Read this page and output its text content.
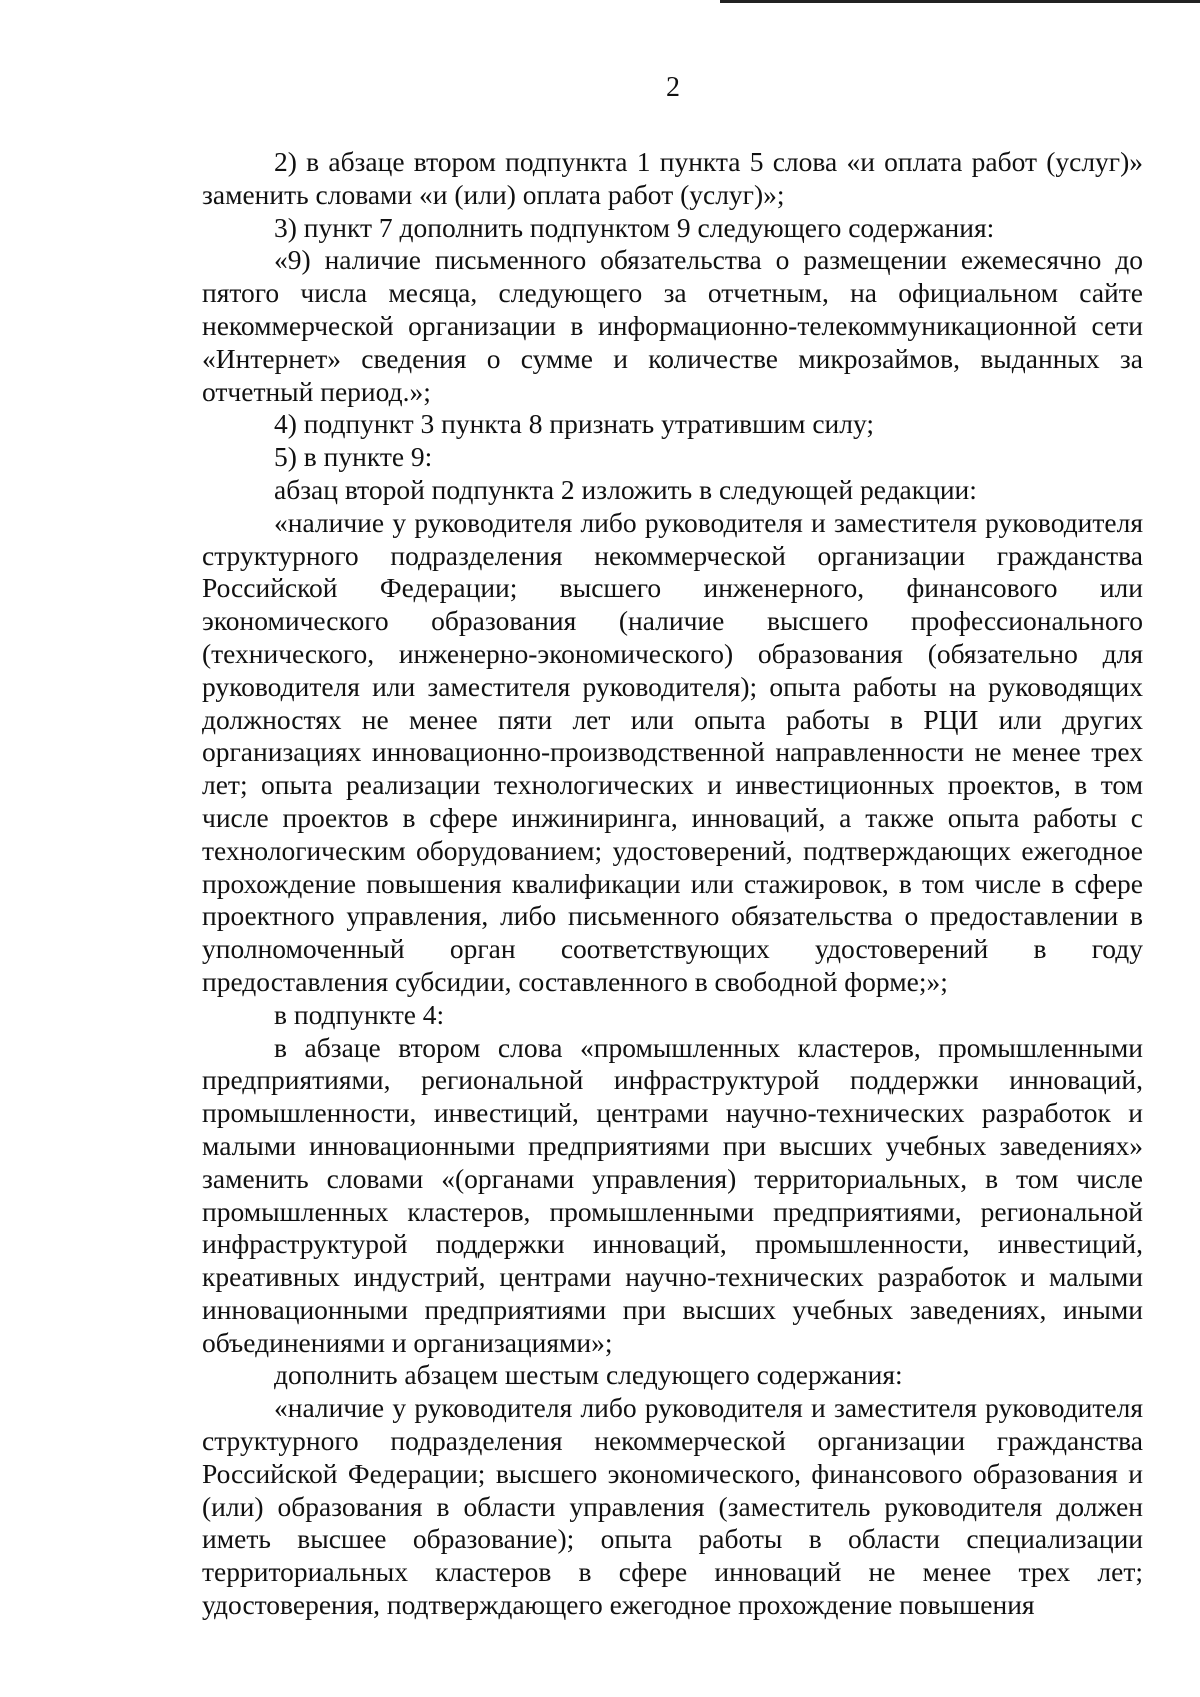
2

2) в абзаце втором подпункта 1 пункта 5 слова «и оплата работ (услуг)» заменить словами «и (или) оплата работ (услуг)»;

3) пункт 7 дополнить подпунктом 9 следующего содержания:

«9) наличие письменного обязательства о размещении ежемесячно до пятого числа месяца, следующего за отчетным, на официальном сайте некоммерческой организации в информационно-телекоммуникационной сети «Интернет» сведения о сумме и количестве микрозаймов, выданных за отчетный период.»;

4) подпункт 3 пункта 8 признать утратившим силу;

5) в пункте 9:

абзац второй подпункта 2 изложить в следующей редакции:

«наличие у руководителя либо руководителя и заместителя руководителя структурного подразделения некоммерческой организации гражданства Российской Федерации; высшего инженерного, финансового или экономического образования (наличие высшего профессионального (технического, инженерно-экономического) образования (обязательно для руководителя или заместителя руководителя); опыта работы на руководящих должностях не менее пяти лет или опыта работы в РЦИ или других организациях инновационно-производственной направленности не менее трех лет; опыта реализации технологических и инвестиционных проектов, в том числе проектов в сфере инжиниринга, инноваций, а также опыта работы с технологическим оборудованием; удостоверений, подтверждающих ежегодное прохождение повышения квалификации или стажировок, в том числе в сфере проектного управления, либо письменного обязательства о предоставлении в уполномоченный орган соответствующих удостоверений в году предоставления субсидии, составленного в свободной форме;»;

в подпункте 4:

в абзаце втором слова «промышленных кластеров, промышленными предприятиями, региональной инфраструктурой поддержки инноваций, промышленности, инвестиций, центрами научно-технических разработок и малыми инновационными предприятиями при высших учебных заведениях» заменить словами «(органами управления) территориальных, в том числе промышленных кластеров, промышленными предприятиями, региональной инфраструктурой поддержки инноваций, промышленности, инвестиций, креативных индустрий, центрами научно-технических разработок и малыми инновационными предприятиями при высших учебных заведениях, иными объединениями и организациями»;

дополнить абзацем шестым следующего содержания:

«наличие у руководителя либо руководителя и заместителя руководителя структурного подразделения некоммерческой организации гражданства Российской Федерации; высшего экономического, финансового образования и (или) образования в области управления (заместитель руководителя должен иметь высшее образование); опыта работы в области специализации территориальных кластеров в сфере инноваций не менее трех лет; удостоверения, подтверждающего ежегодное прохождение повышения
